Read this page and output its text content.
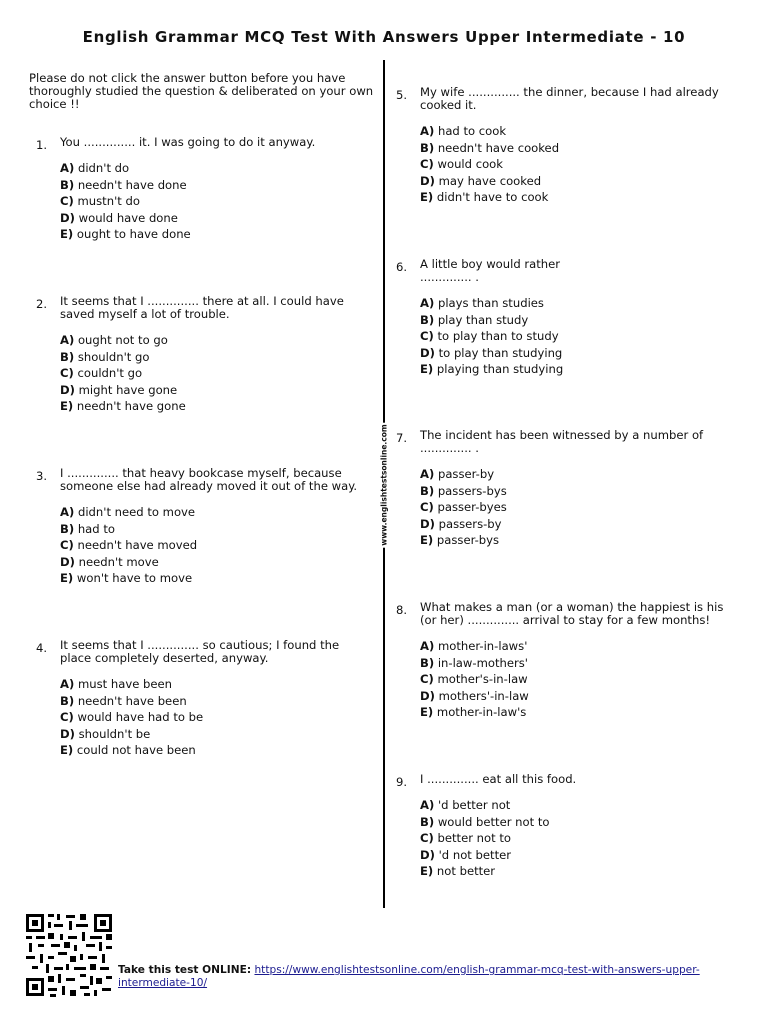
English Grammar MCQ Test With Answers Upper Intermediate - 10
Please do not click the answer button before you have thoroughly studied the question & deliberated on your own choice !!
www.englishtestsonline.com
1. You .............. it. I was going to do it anyway.
A) didn't do
B) needn't have done
C) mustn't do
D) would have done
E) ought to have done
2. It seems that I .............. there at all. I could have saved myself a lot of trouble.
A) ought not to go
B) shouldn't go
C) couldn't go
D) might have gone
E) needn't have gone
3. I .............. that heavy bookcase myself, because someone else had already moved it out of the way.
A) didn't need to move
B) had to
C) needn't have moved
D) needn't move
E) won't have to move
4. It seems that I .............. so cautious; I found the place completely deserted, anyway.
A) must have been
B) needn't have been
C) would have had to be
D) shouldn't be
E) could not have been
5. My wife .............. the dinner, because I had already cooked it.
A) had to cook
B) needn't have cooked
C) would cook
D) may have cooked
E) didn't have to cook
6. A little boy would rather .............. .
A) plays than studies
B) play than study
C) to play than to study
D) to play than studying
E) playing than studying
7. The incident has been witnessed by a number of .............. .
A) passer-by
B) passers-bys
C) passer-byes
D) passers-by
E) passer-bys
8. What makes a man (or a woman) the happiest is his (or her) .............. arrival to stay for a few months!
A) mother-in-laws'
B) in-law-mothers'
C) mother's-in-law
D) mothers'-in-law
E) mother-in-law's
9. I .............. eat all this food.
A) 'd better not
B) would better not to
C) better not to
D) 'd not better
E) not better
Take this test ONLINE: https://www.englishtestsonline.com/english-grammar-mcq-test-with-answers-upper-intermediate-10/
